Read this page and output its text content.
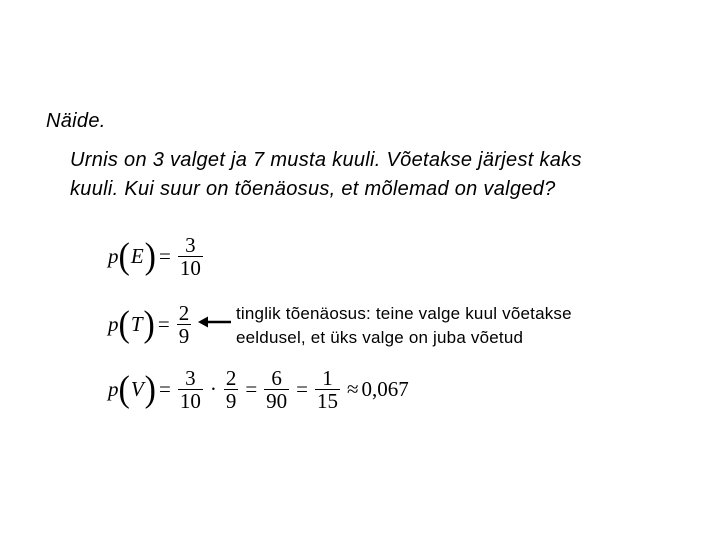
Näide.
Urnis on 3 valget ja 7 musta kuuli. Võetakse järjest kaks
kuuli. Kui suur on tõenäosus, et mõlemad on valged?
p ( E ) = $\frac{3}{10}$
p ( T ) = $\frac{2}{9}$	tinglik tõenäosus: teine valge kuul võetakse
eeldusel, et üks valge on juba võetud
p ( V ) = $\frac{3}{10} \cdot \frac{2}{9} = \frac{6}{90} = \frac{1}{15} \approx 0,067$
